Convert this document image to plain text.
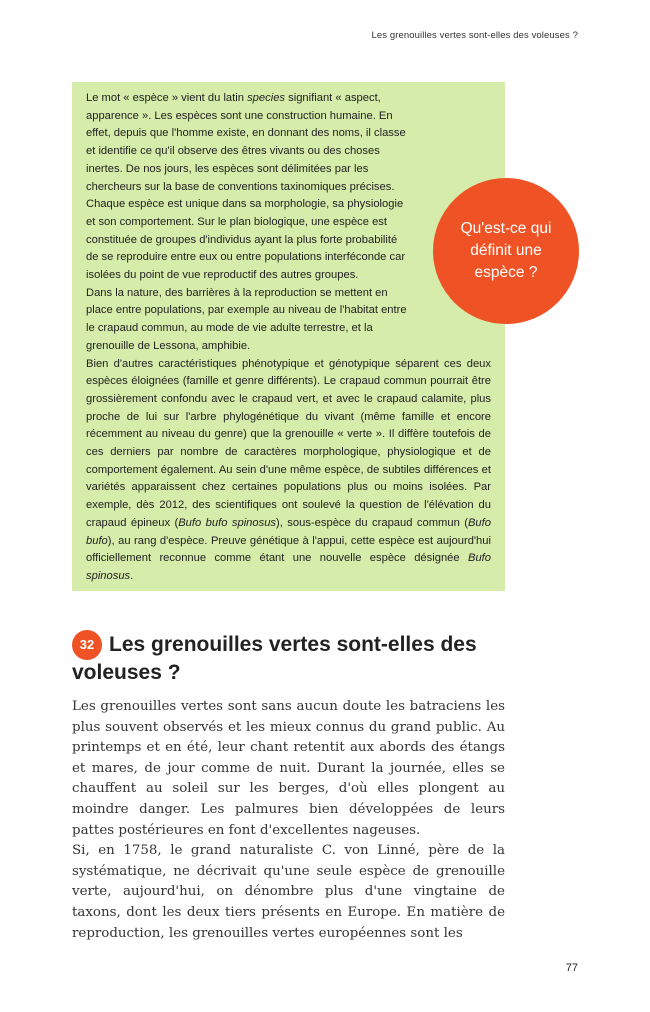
Les grenouilles vertes sont-elles des voleuses ?

Le mot « espèce » vient du latin species signifiant « aspect, apparence ». Les espèces sont une construction humaine. En effet, depuis que l'homme existe, en donnant des noms, il classe et identifie ce qu'il observe des êtres vivants ou des choses inertes. De nos jours, les espèces sont délimitées par les chercheurs sur la base de conventions taxinomiques précises. Chaque espèce est unique dans sa morphologie, sa physiologie et son comportement. Sur le plan biologique, une espèce est constituée de groupes d'individus ayant la plus forte probabilité de se reproduire entre eux ou entre populations interféconde car isolées du point de vue reproductif des autres groupes.

Dans la nature, des barrières à la reproduction se mettent en place entre populations, par exemple au niveau de l'habitat entre le crapaud commun, au mode de vie adulte terrestre, et la grenouille de Lessona, amphibie.

Bien d'autres caractéristiques phénotypique et génotypique séparent ces deux espèces éloignées (famille et genre différents). Le crapaud commun pourrait être grossièrement confondu avec le crapaud vert, et avec le crapaud calamite, plus proche de lui sur l'arbre phylogénétique du vivant (même famille et encore récemment au niveau du genre) que la grenouille « verte ». Il diffère toutefois de ces derniers par nombre de caractères morphologique, physiologique et de comportement également. Au sein d'une même espèce, de subtiles différences et variétés apparaissent chez certaines populations plus ou moins isolées. Par exemple, dès 2012, des scientifiques ont soulevé la question de l'élévation du crapaud épineux (Bufo bufo spinosus), sous-espèce du crapaud commun (Bufo bufo), au rang d'espèce. Preuve génétique à l'appui, cette espèce est aujourd'hui officiellement reconnue comme étant une nouvelle espèce désignée Bufo spinosus.

Qu'est-ce qui définit une espèce ?
32 Les grenouilles vertes sont-elles des voleuses ?

Les grenouilles vertes sont sans aucun doute les batraciens les plus souvent observés et les mieux connus du grand public. Au printemps et en été, leur chant retentit aux abords des étangs et mares, de jour comme de nuit. Durant la journée, elles se chauffent au soleil sur les berges, d'où elles plongent au moindre danger. Les palmures bien développées de leurs pattes postérieures en font d'excellentes nageuses.

Si, en 1758, le grand naturaliste C. von Linné, père de la systématique, ne décrivait qu'une seule espèce de grenouille verte, aujourd'hui, on dénombre plus d'une vingtaine de taxons, dont les deux tiers présents en Europe. En matière de reproduction, les grenouilles vertes européennes sont les

77
